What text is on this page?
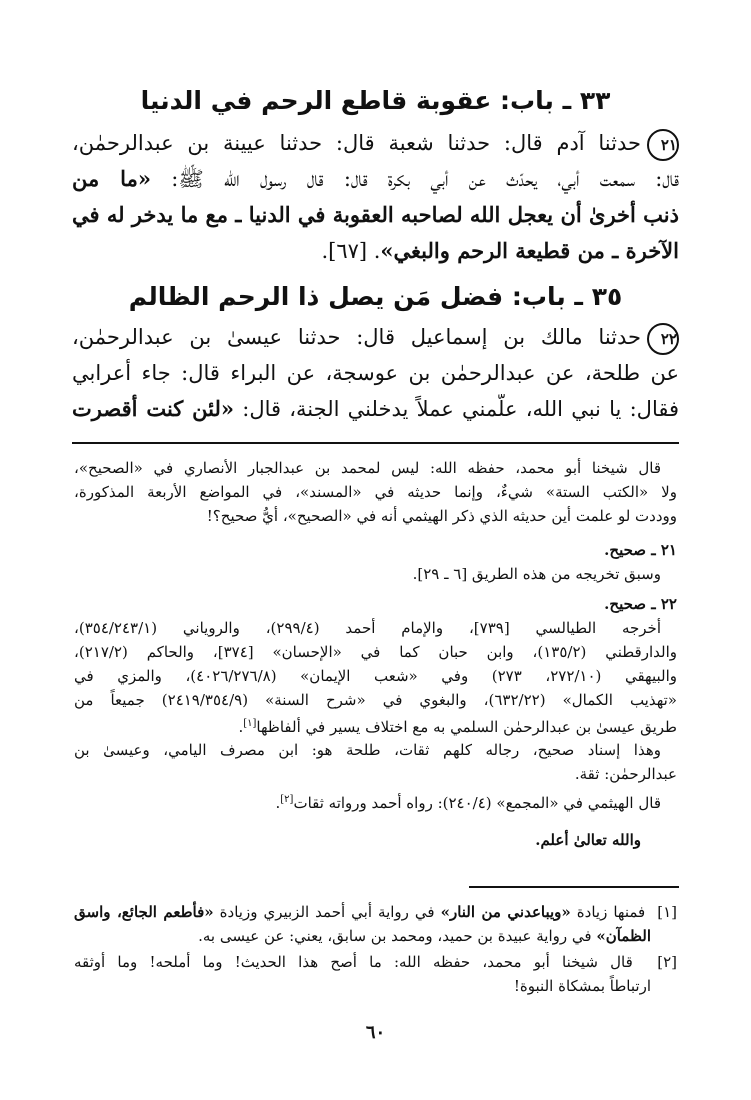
٣٣ ـ باب: عقوبة قاطع الرحم في الدنيا
٢١حدثنا آدم قال: حدثنا شعبة قال: حدثنا عيينة بن عبدالرحمٰن،
قال: سمعت أبي، يحدّث عن أبي بكرة قال: قال رسول الله ﷺ: «ما من
ذنب أخرىٰ أن يعجل الله لصاحبه العقوبة في الدنيا ـ مع ما يدخر له في
الآخرة ـ من قطيعة الرحم والبغي». [٦٧].
٣٥ ـ باب: فضل مَن يصل ذا الرحم الظالم
٢٢حدثنا مالك بن إسماعيل قال: حدثنا عيسىٰ بن عبدالرحمٰن،
عن طلحة، عن عبدالرحمٰن بن عوسجة، عن البراء قال: جاء أعرابي
فقال: يا نبي الله، علّمني عملاً يدخلني الجنة، قال: «لئن كنت أقصرت
قال شيخنا أبو محمد، حفظه الله: ليس لمحمد بن عبدالجبار الأنصاري في «الصحيح»،
ولا «الكتب الستة» شيءٌ، وإنما حديثه في «المسند»، في المواضع الأربعة المذكورة،
ووددت لو علمت أين حديثه الذي ذكر الهيثمي أنه في «الصحيح»، أيُّ صحيح؟!
٢١ ـ صحيح.
وسبق تخريجه من هذه الطريق [٦ ـ ٢٩].
٢٢ ـ صحيح.
أخرجه الطيالسي [٧٣٩]، والإمام أحمد (٢٩٩/٤)، والروياني (٣٥٤/٢٤٣/١)،
والدارقطني (١٣٥/٢)، وابن حبان كما في «الإحسان» [٣٧٤]، والحاكم (٢١٧/٢)،
والبيهقي (٢٧٢/١٠، ٢٧٣) وفي «شعب الإيمان» (٤٠٢٦/٢٧٦/٨)، والمزي في
«تهذيب الكمال» (٦٣٢/٢٢)، والبغوي في «شرح السنة» (٢٤١٩/٣٥٤/٩) جميعاً من
طريق عيسىٰ بن عبدالرحمٰن السلمي به مع اختلاف يسير في ألفاظها[١].
وهذا إسناد صحيح، رجاله كلهم ثقات، طلحة هو: ابن مصرف اليامي، وعيسىٰ بن
عبدالرحمٰن: ثقة.
قال الهيثمي في «المجمع» (٢٤٠/٤): رواه أحمد ورواته ثقات[٢].
والله تعالىٰ أعلم.
[١]  فمنها زيادة «ويباعدني من النار» في رواية أبي أحمد الزبيري وزيادة «فأطعم الجائع، واسق
الظمآن» في رواية عبيدة بن حميد، ومحمد بن سابق، يعني: عن عيسى به.
[٢]  قال شيخنا أبو محمد، حفظه الله: ما أصح هذا الحديث! وما أملحه! وما أوثقه
ارتباطاً بمشكاة النبوة!
٦٠
